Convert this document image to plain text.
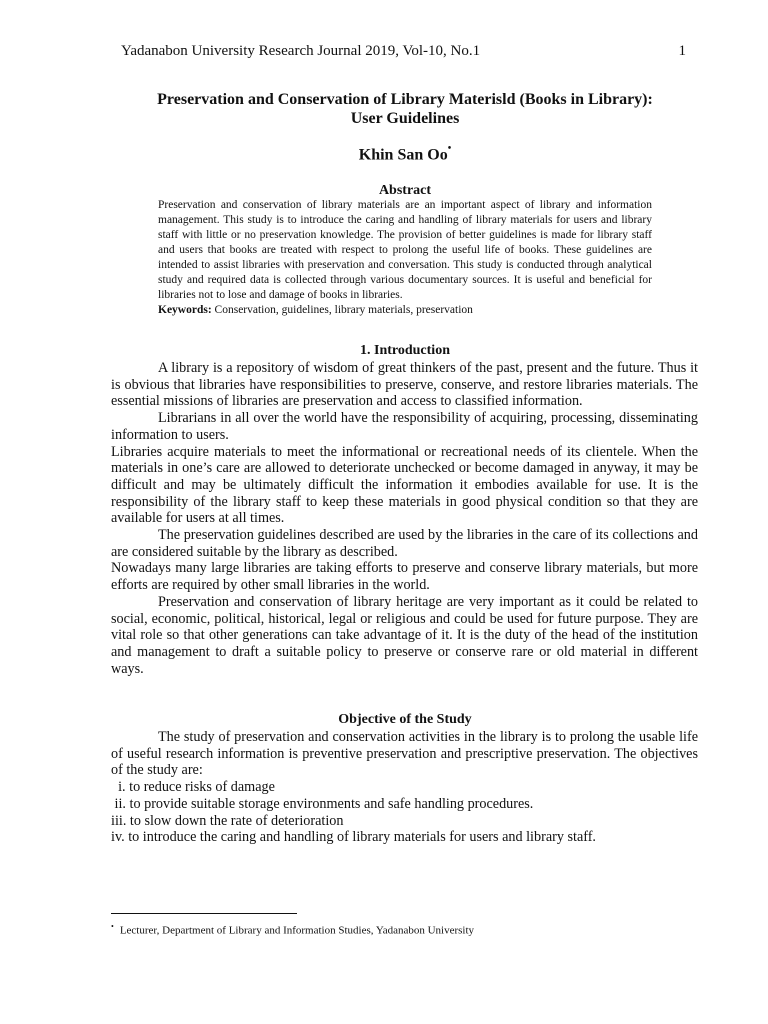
Yadanabon University Research Journal 2019, Vol-10, No.1	1
Preservation and Conservation of Library Materisld (Books in Library):
User Guidelines
Khin San Oo•
Abstract

Preservation and conservation of library materials are an important aspect of library and information management. This study is to introduce the caring and handling of library materials for users and library staff with little or no preservation knowledge. The provision of better guidelines is made for library staff and users that books are treated with respect to prolong the useful life of books. These guidelines are intended to assist libraries with preservation and conversation. This study is conducted through analytical study and required data is collected through various documentary sources. It is useful and beneficial for libraries not to lose and damage of books in libraries.

Keywords: Conservation, guidelines, library materials, preservation

1. Introduction

A library is a repository of wisdom of great thinkers of the past, present and the future. Thus it is obvious that libraries have responsibilities to preserve, conserve, and restore libraries materials. The essential missions of libraries are preservation and access to classified information.

Librarians in all over the world have the responsibility of acquiring, processing, disseminating information to users.

Libraries acquire materials to meet the informational or recreational needs of its clientele. When the materials in one’s care are allowed to deteriorate unchecked or become damaged in anyway, it may be difficult and may be ultimately difficult the information it embodies available for use. It is the responsibility of the library staff to keep these materials in good physical condition so that they are available for users at all times.

The preservation guidelines described are used by the libraries in the care of its collections and are considered suitable by the library as described.

Nowadays many large libraries are taking efforts to preserve and conserve library materials, but more efforts are required by other small libraries in the world.

Preservation and conservation of library heritage are very important as it could be related to social, economic, political, historical, legal or religious and could be used for future purpose. They are vital role so that other generations can take advantage of it. It is the duty of the head of the institution and management to draft a suitable policy to preserve or conserve rare or old material in different ways.

Objective of the Study

The study of preservation and conservation activities in the library is to prolong the usable life of useful research information is preventive preservation and prescriptive preservation. The objectives of the study are:

i. to reduce risks of damage

ii. to provide suitable storage environments and safe handling procedures.

iii. to slow down the rate of deterioration

iv. to introduce the caring and handling of library materials for users and library staff.

• Lecturer, Department of Library and Information Studies, Yadanabon University
